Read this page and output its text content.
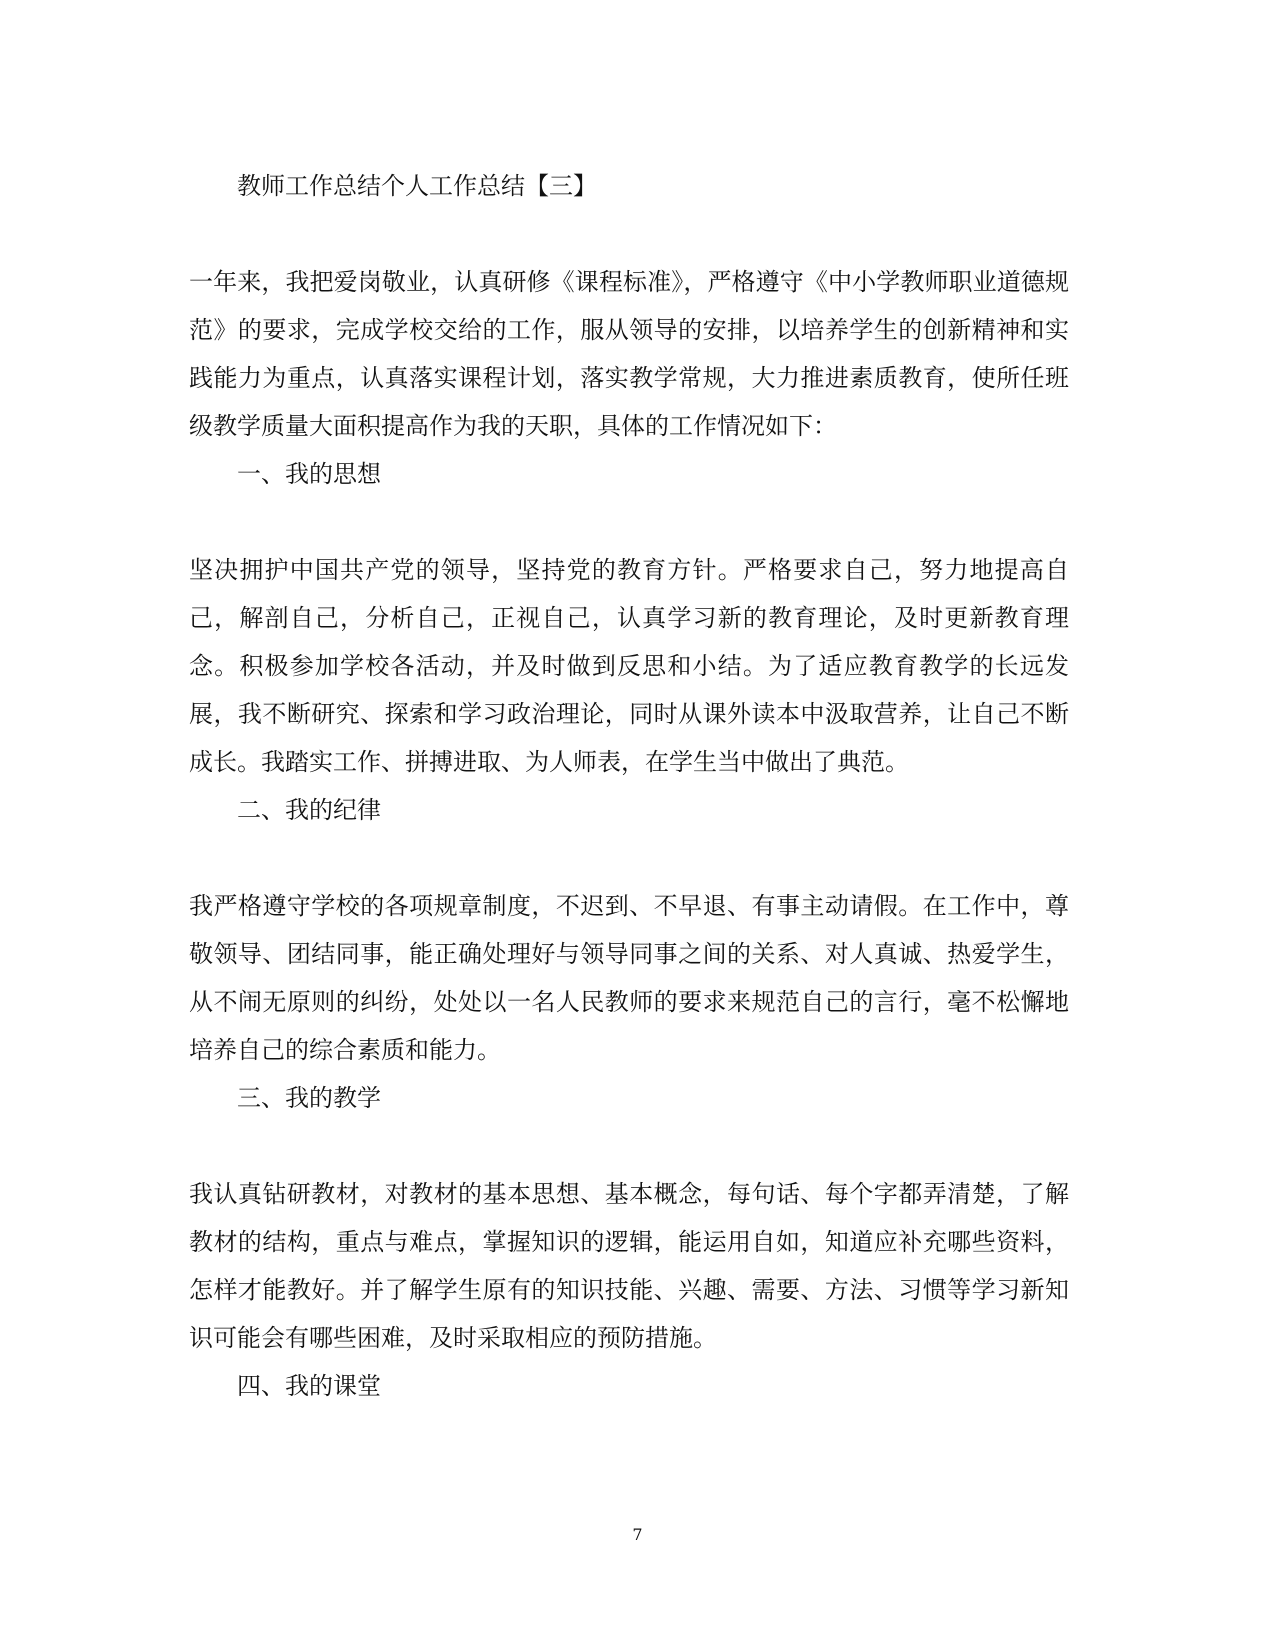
教师工作总结个人工作总结【三】

一年来，我把爱岗敬业，认真研修《课程标准》，严格遵守《中小学教师职业道德规范》的要求，完成学校交给的工作，服从领导的安排，以培养学生的创新精神和实践能力为重点，认真落实课程计划，落实教学常规，大力推进素质教育，使所任班级教学质量大面积提高作为我的天职，具体的工作情况如下：

一、我的思想

坚决拥护中国共产党的领导，坚持党的教育方针。严格要求自己，努力地提高自己，解剖自己，分析自己，正视自己，认真学习新的教育理论，及时更新教育理念。积极参加学校各活动，并及时做到反思和小结。为了适应教育教学的长远发展，我不断研究、探索和学习政治理论，同时从课外读本中汲取营养，让自己不断成长。我踏实工作、拼搏进取、为人师表，在学生当中做出了典范。

二、我的纪律

我严格遵守学校的各项规章制度，不迟到、不早退、有事主动请假。在工作中，尊敬领导、团结同事，能正确处理好与领导同事之间的关系、对人真诚、热爱学生，从不闹无原则的纠纷，处处以一名人民教师的要求来规范自己的言行，毫不松懈地培养自己的综合素质和能力。

三、我的教学

我认真钻研教材，对教材的基本思想、基本概念，每句话、每个字都弄清楚，了解教材的结构，重点与难点，掌握知识的逻辑，能运用自如，知道应补充哪些资料，怎样才能教好。并了解学生原有的知识技能、兴趣、需要、方法、习惯等学习新知识可能会有哪些困难，及时采取相应的预防措施。

四、我的课堂
7
